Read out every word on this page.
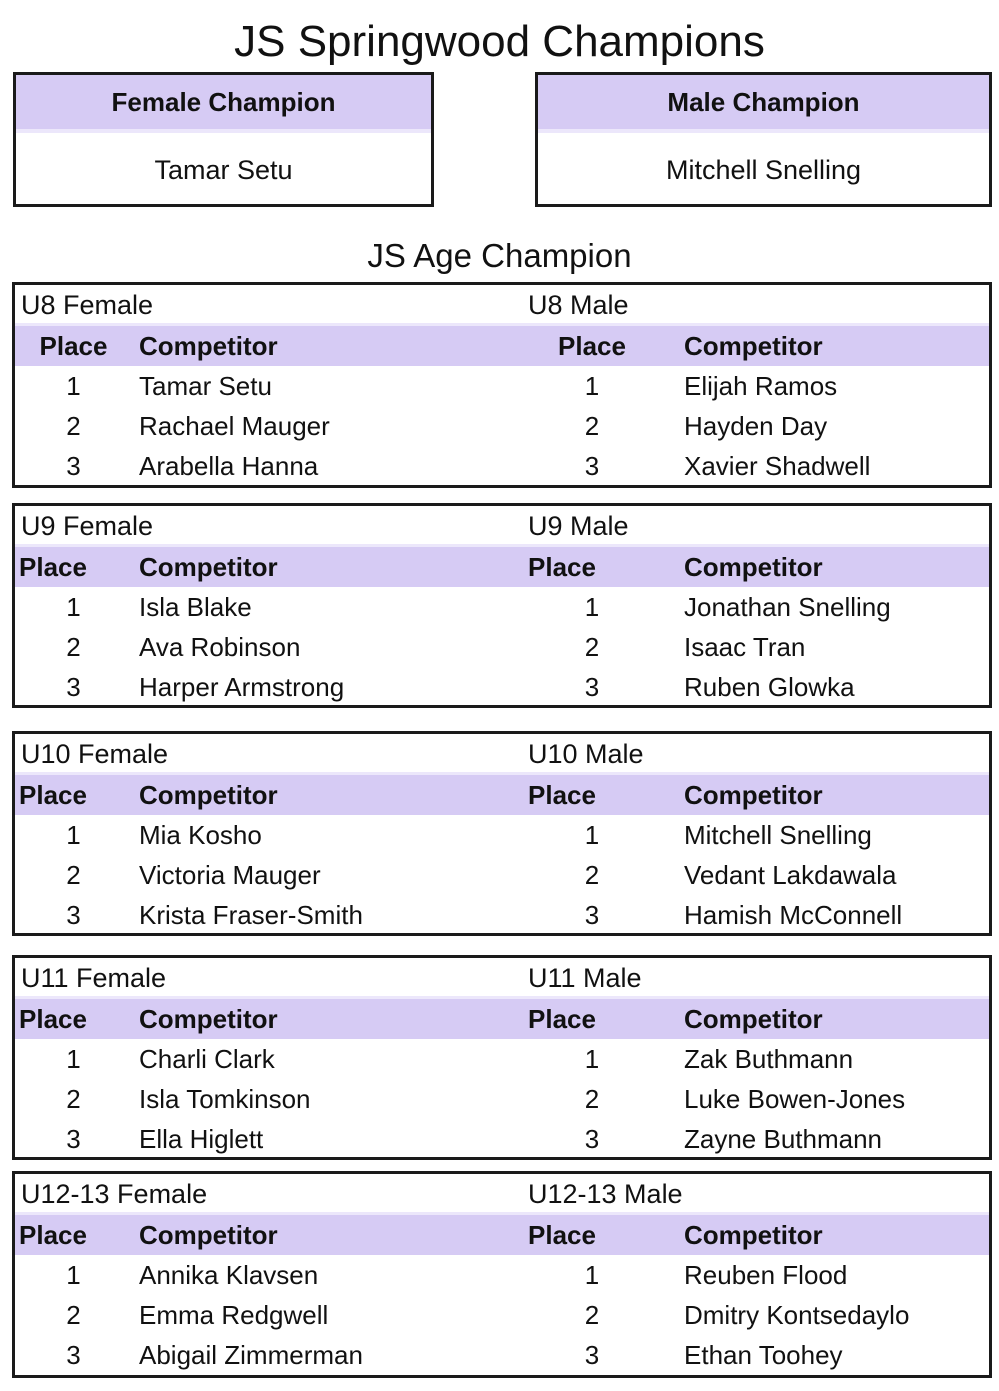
JS Springwood Champions
Female Champion
Tamar Setu
Male Champion
Mitchell Snelling
JS Age Champion
U8 Female
Place	Competitor
1	Tamar Setu
2	Rachael Mauger
3	Arabella Hanna
U8 Male
Place	Competitor
1	Elijah Ramos
2	Hayden Day
3	Xavier Shadwell
U9 Female
Place Competitor
1	Isla Blake
2	Ava Robinson
3	Harper Armstrong
U9 Male
Place	Competitor
1	Jonathan Snelling
2	Isaac Tran
3	Ruben Glowka
U10 Female
Place Competitor
1	Mia Kosho
2	Victoria Mauger
3	Krista Fraser-Smith
U10 Male
Place	Competitor
1	Mitchell Snelling
2	Vedant Lakdawala
3	Hamish McConnell
U11 Female
Place Competitor
1	Charli Clark
2	Isla Tomkinson
3	Ella Higlett
U11 Male
Place	Competitor
1	Zak Buthmann
2	Luke Bowen-Jones
3	Zayne Buthmann
U12-13 Female
Place Competitor
1	Annika Klavsen
2	Emma Redgwell
3	Abigail Zimmerman
U12-13 Male
Place	Competitor
1	Reuben Flood
2	Dmitry Kontsedaylo
3	Ethan Toohey
